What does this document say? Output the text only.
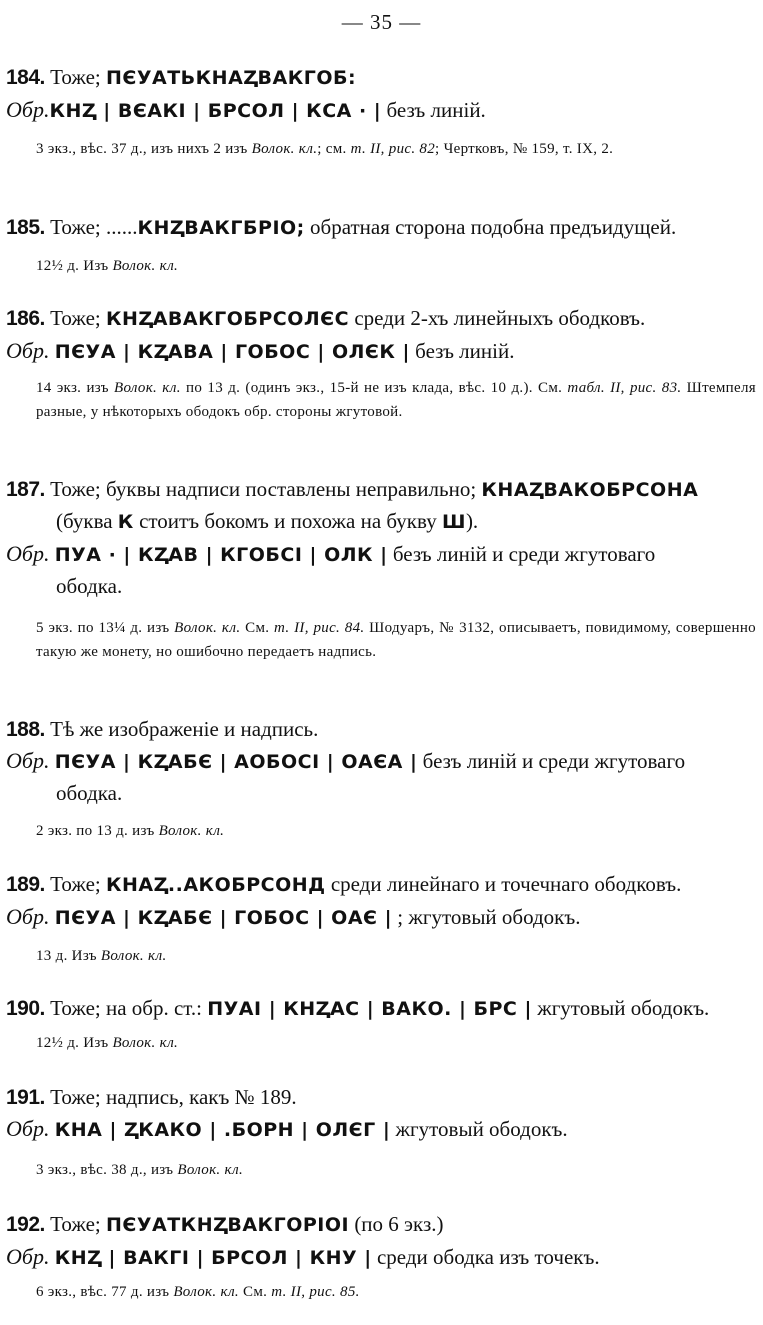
— 35 —
184. Тоже; ПЄУАТЬКНАⱫВАКГОБ:
Обр.КНⱫ | ВЄАКІ | БРСОЛ | КСА · | безъ линій.
3 экз., вѣс. 37 д., изъ нихъ 2 изъ Волок. кл.; см. т. II, рис. 82; Чертковъ, № 159, т. IX, 2.
185. Тоже; ......КНⱫВАКГБРІО; обратная сторона подобна предъидущей.
12½ д. Изъ Волок. кл.
186. Тоже; КНⱫАВАКГОБРСОЛЄС среди 2-хъ линейныхъ ободковъ.
Обр. ПЄУА | КⱫАВА | ГОБОС | ОЛЄК | безъ линій.
14 экз. изъ Волок. кл. по 13 д. (одинъ экз., 15-й не изъ клада, вѣс. 10 д.). См. табл. II, рис. 83. Штемпеля разные, у нѣкоторыхъ ободокъ обр. стороны жгутовой.
187. Тоже; буквы надписи поставлены неправильно; КНАⱫВАКОБРСОНА
(буква К стоитъ бокомъ и похожа на букву Ш).
Обр. ПУА · | КⱫАВ | КГОБСІ | ОЛК | безъ линій и среди жгутоваго
ободка.
5 экз. по 13¼ д. изъ Волок. кл. См. т. II, рис. 84. Шодуаръ, № 3132, описываетъ, повидимому, совершенно такую же монету, но ошибочно передаетъ надпись.
188. Тѣ же изображеніе и надпись.
Обр. ПЄУА | КⱫАБЄ | АОБОСІ | ОАЄА | безъ линій и среди жгутоваго
ободка.
2 экз. по 13 д. изъ Волок. кл.
189. Тоже; КНАⱫ..АКОБРСОНД среди линейнаго и точечнаго ободковъ.
Обр. ПЄУА | КⱫАБЄ | ГОБОС | ОАЄ | ; жгутовый ободокъ.
13 д. Изъ Волок. кл.
190. Тоже; на обр. ст.: ПУАІ | КНⱫАС | ВАКО. | БРС | жгутовый ободокъ.
12½ д. Изъ Волок. кл.
191. Тоже; надпись, какъ № 189.
Обр. КНА | ⱫКАКО | .БОРН | ОЛЄГ | жгутовый ободокъ.
3 экз., вѣс. 38 д., изъ Волок. кл.
192. Тоже; ПЄУАТКНⱫВАКГОРІОІ (по 6 экз.)
Обр. КНⱫ | ВАКГІ | БРСОЛ | КНУ | среди ободка изъ точекъ.
6 экз., вѣс. 77 д. изъ Волок. кл. См. т. II, рис. 85.
